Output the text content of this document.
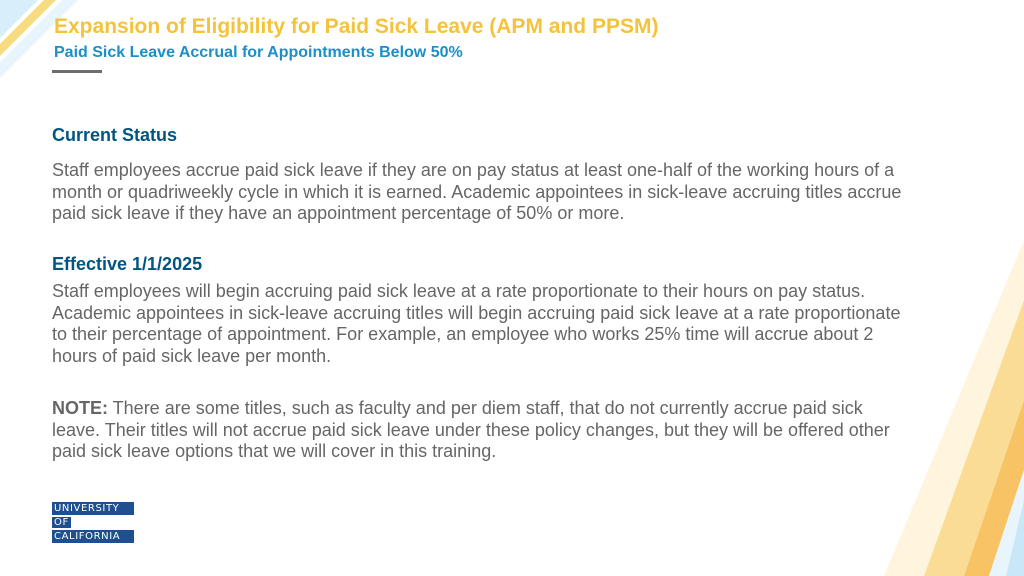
Expansion of Eligibility for Paid Sick Leave (APM and PPSM)
Paid Sick Leave Accrual for Appointments Below 50%
Current Status

Staff employees accrue paid sick leave if they are on pay status at least one-half of the working hours of a month or quadriweekly cycle in which it is earned. Academic appointees in sick-leave accruing titles accrue paid sick leave if they have an appointment percentage of 50% or more.

Effective 1/1/2025

Staff employees will begin accruing paid sick leave at a rate proportionate to their hours on pay status. Academic appointees in sick-leave accruing titles will begin accruing paid sick leave at a rate proportionate to their percentage of appointment. For example, an employee who works 25% time will accrue about 2 hours of paid sick leave per month.

NOTE: There are some titles, such as faculty and per diem staff, that do not currently accrue paid sick leave. Their titles will not accrue paid sick leave under these policy changes, but they will be offered other paid sick leave options that we will cover in this training.

UNIVERSITY
OF
CALIFORNIA
